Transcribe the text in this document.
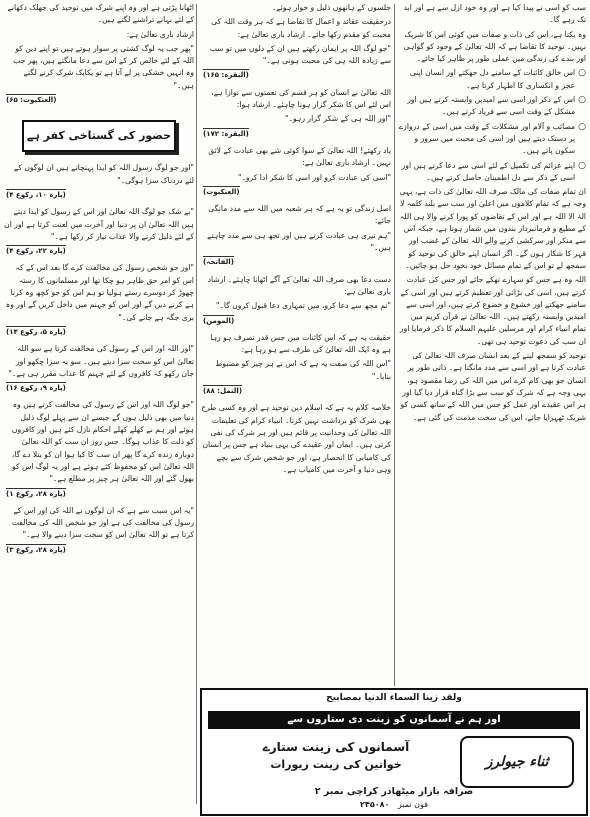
سب کو اسی نے پیدا کیا ہے اور وہ خود ازل سے ہے اور ابد تک رہے گا۔

وہ یکتا ہے، اس کی ذات و صفات میں کوئی اس کا شریک نہیں۔ توحید کا تقاضا ہے کہ اللہ تعالیٰ کے وجود کو گواہی اور بندے کی زندگی میں عملی طور پر ظاہر کیا جائے۔

○
اس خالق کائنات کے سامنے دل جھکتے اور انسان اپنی عجز و انکساری کا اظہار کرتا ہے۔
○
اس کے ذکر اور اسی سے امیدیں وابستہ کرتے ہیں اور مشکل کے وقت اسی سے فریاد کرتے ہیں۔
○
مصائب و آلام اور مشکلات کے وقت میں اسی کے دروازے پر دستک دیتے ہیں اور اسی کی محبت میں سرور و سکون پاتے ہیں۔
○
اپنے عزائم کی تکمیل کے لئے اسی سے دعا کرتے ہیں اور اسی کے ذکر سے دل اطمینان حاصل کرتے ہیں۔

ان تمام صفات کی مالک صرف اللہ تعالیٰ کی ذات ہے، یہی وجہ ہے کہ تمام کلاموں میں اعلیٰ اور سب سے بلند کلمہ لا الہٰ الا اللہ ہے اور اس کے تقاضوں کو پورا کرنے والا ہی اللہ کے مطیع و فرمانبردار بندوں میں شمار ہوتا ہے، جبکہ اس سے منکر اور سرکشی کرنے والے اللہ تعالیٰ کے غضب اور قہر کا شکار ہوں گے۔ اگر انسان اپنے خالق کی توحید کو سمجھ لے تو اس کے تمام مسائل خود بخود حل ہو جائیں۔

اللہ وہ ہے جس کو سہارے تھکے جائے اور جس کی عبادت کرتے ہیں، اسی کی بڑائی اور تعظیم کرتے ہیں اور اسی کے سامنے جھکتے اور خشوع و خضوع کرتے ہیں، اور اسی سے امیدیں وابستہ رکھتے ہیں۔ اللہ تعالیٰ نے قرآن کریم میں تمام انبیاء کرام اور مرسلین علیہم السلام کا ذکر فرمایا اور ان سب کی دعوت توحید ہی تھی۔

توحید کو سمجھ لینے کے بعد انسان صرف اللہ تعالیٰ کی عبادت کرتا ہے اور اسی سے مدد مانگتا ہے۔ ذاتی طور پر انسان جو بھی کام کرے اس میں اللہ کی رضا مقصود ہو، یہی وجہ ہے کہ شرک کو سب سے بڑا گناہ قرار دیا گیا اور ہر اس عقیدے اور عمل کو جس میں اللہ کے ساتھ کسی کو شریک ٹھہرایا جائے، اس کی سخت مذمت کی گئی ہے۔

جلسوں کے ہاتھوں ذلیل و خوار ہوئے۔

درحقیقت عقائد و اعمال کا تقاضا ہے کہ ہر وقت اللہ کی محبت کو مقدم رکھا جائے۔ ارشاد باری تعالیٰ ہے:

"جو لوگ اللہ پر ایمان رکھتے ہیں ان کے دلوں میں تو سب سے زیادہ اللہ ہی کی محبت ہوتی ہے۔"

(البقرہ: ۱۶۵)

اللہ تعالیٰ نے انسان کو ہر قسم کی نعمتوں سے نوازا ہے، اس لئے اس کا شکر گزار ہونا چاہئے۔ ارشاد ہوا:

"اور اللہ ہی کے شکر گزار رہو۔"

(البقرہ: ۱۷۲)

یاد رکھئے! اللہ تعالیٰ کے سوا کوئی شے بھی عبادت کے لائق نہیں۔ ارشاد باری تعالیٰ ہے:

"اسی کی عبادت کرو اور اسی کا شکر ادا کرو۔"

(العنکبوت)

اصل زندگی تو یہ ہے کہ ہر شعبہ میں اللہ سے مدد مانگی جائے:

"ہم تیری ہی عبادت کرتے ہیں اور تجھ ہی سے مدد چاہتے ہیں۔"

(الفاتحہ)

دست دعا بھی صرف اللہ تعالیٰ کے آگے اٹھانا چاہئے۔ ارشاد باری تعالیٰ ہے:

"تم مجھ سے دعا کرو، میں تمہاری دعا قبول کروں گا۔"

(المومن)

حقیقت یہ ہے کہ اس کائنات میں جس قدر تصرف ہو رہا ہے وہ ایک اللہ تعالیٰ کی طرف سے ہو رہا ہے:

"اس اللہ کی صفت یہ ہے کہ اس نے ہر چیز کو مضبوط بنایا۔"

(النمل: ۸۸)

خلاصہ کلام یہ ہے کہ اسلام دین توحید ہے اور وہ کسی طرح بھی شرک کو برداشت نہیں کرتا۔ انبیاء کرام کی تعلیمات اللہ تعالیٰ کی وحدانیت پر قائم ہیں اور ہر شرک کی نفی کرتی ہیں۔ ایمان اور عقیدے کی یہی بنیاد ہے جس پر انسان کی کامیابی کا انحصار ہے، اور جو شخص شرک سے بچے وہی دنیا و آخرت میں کامیاب ہے۔

اٹھانا پڑتی ہے اور وہ اپنے شرک میں توحید کی جھلک دکھانے کے لئے بہانے تراشنے لگتے ہیں۔

ارشاد باری تعالیٰ ہے:

"پھر جب یہ لوگ کشتی پر سوار ہوتے ہیں تو اپنے دین کو اللہ کے لئے خالص کر کے اس سے دعا مانگتے ہیں، پھر جب وہ انہیں خشکی پر لے آتا ہے تو یکایک شرک کرنے لگتے ہیں۔"

(العنکبوت: ۶۵)
حضور کی گستاخی کفر ہے

"اور جو لوگ رسول اللہ کو ایذا پہنچاتے ہیں ان لوگوں کے لئے دردناک سزا ہوگی۔"

(پارہ ۱۰، رکوع ۴)

"بے شک جو لوگ اللہ تعالیٰ اور اس کے رسول کو ایذا دیتے ہیں اللہ تعالیٰ ان پر دنیا اور آخرت میں لعنت کرتا ہے اور ان کے لئے ذلیل کرنے والا عذاب تیار کر رکھا ہے۔"

(پارہ ۲۲، رکوع ۴)

"اور جو شخص رسول کی مخالفت کرے گا بعد اس کے کہ اس کو امر حق ظاہر ہو چکا تھا اور مسلمانوں کا رستہ چھوڑ کر دوسرے رستے ہولیا تو ہم اس کو جو کچھ وہ کرتا ہے کرنے دیں گے اور اس کو جہنم میں داخل کریں گے اور وہ بری جگہ ہے جانے کی۔"

(پارہ ۵، رکوع ۱۴)

"اور اللہ اور اس کے رسول کی مخالفت کرتا ہے سو اللہ تعالیٰ اس کو سخت سزا دیتے ہیں۔ سو یہ سزا چکھو اور جان رکھو کہ کافروں کے لئے جہنم کا عذاب مقرر ہی ہے۔"

(پارہ ۹، رکوع ۱۶)

"جو لوگ اللہ اور اس کے رسول کی مخالفت کرتے ہیں وہ دنیا میں بھی ذلیل ہوں گے جیسے ان سے پہلے لوگ ذلیل ہوئے اور ہم نے کھلے کھلے احکام نازل کئے ہیں اور کافروں کو ذلت کا عذاب ہوگا۔ جس روز ان سب کو اللہ تعالیٰ دوبارہ زندہ کرے گا پھر ان سب کا کیا ہوا ان کو بتلا دے گا، اللہ تعالیٰ اس کو محفوظ کئے ہوئے ہے اور یہ لوگ اس کو بھول گئے اور اللہ تعالیٰ ہر چیز پر مطلع ہے۔"

(پارہ ۲۸، رکوع ۱)

"یہ اس سبب سے ہے کہ ان لوگوں نے اللہ کی اور اس کے رسول کی مخالفت کی ہے اور جو شخص اللہ کی مخالفت کرتا ہے تو اللہ تعالیٰ اس کو سخت سزا دینے والا ہے۔"

(پارہ ۲۸، رکوع ۳)
ولقد زینا السماء الدنیا بمصابیح
اور ہم نے آسمانوں کو زینت دی ستاروں سے
ثناء جیولرز
آسمانوں کی زینت ستارے
خواتین کی زینت زیورات
صرافہ بازار میٹھادر کراچی نمبر ۲
فون نمبر ۲۴۵۰۸۰
